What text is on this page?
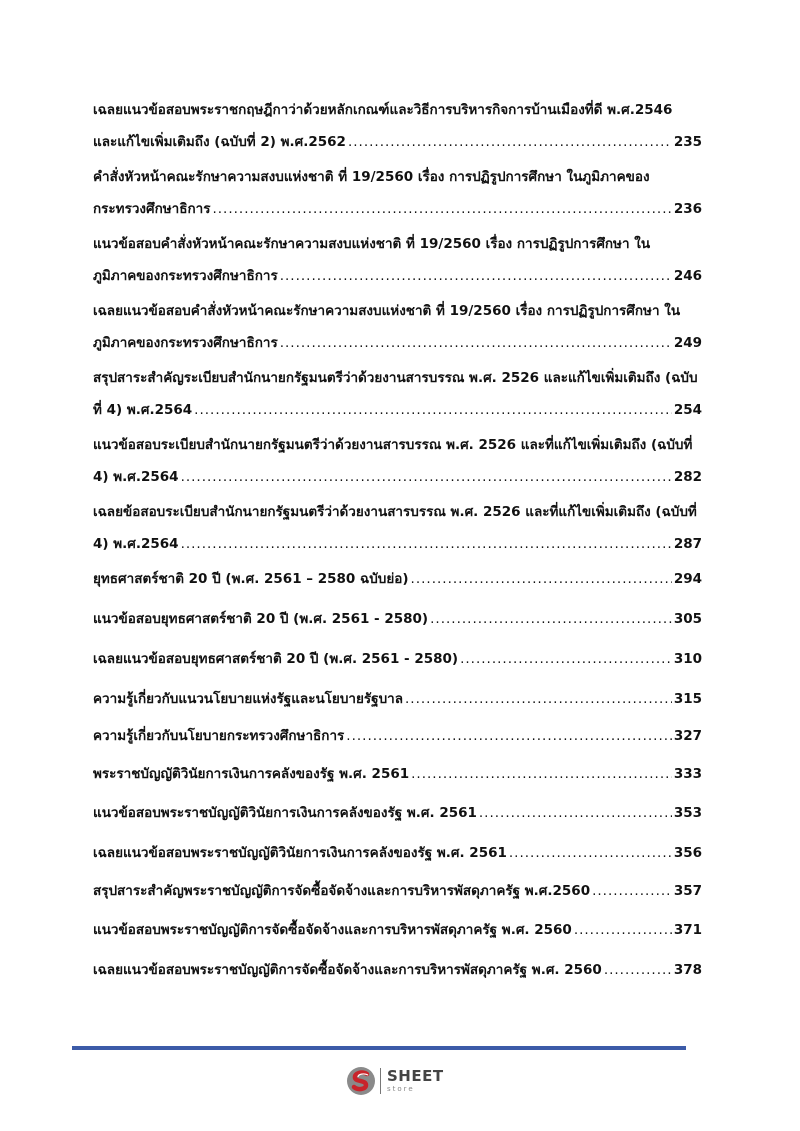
เฉลยแนวข้อสอบพระราชกฤษฎีกาว่าด้วยหลักเกณฑ์และวิธีการบริหารกิจการบ้านเมืองที่ดี พ.ศ.2546
และแก้ไขเพิ่มเติมถึง (ฉบับที่ 2) พ.ศ.2562 .....	235
คำสั่งหัวหน้าคณะรักษาความสงบแห่งชาติ ที่ 19/2560 เรื่อง การปฏิรูปการศึกษา ในภูมิภาคของ
กระทรวงศึกษาธิการ .....	236
แนวข้อสอบคำสั่งหัวหน้าคณะรักษาความสงบแห่งชาติ ที่ 19/2560 เรื่อง การปฏิรูปการศึกษา ใน
ภูมิภาคของกระทรวงศึกษาธิการ .....	246
เฉลยแนวข้อสอบคำสั่งหัวหน้าคณะรักษาความสงบแห่งชาติ ที่ 19/2560 เรื่อง การปฏิรูปการศึกษา ใน
ภูมิภาคของกระทรวงศึกษาธิการ .....	249
สรุปสาระสำคัญระเบียบสำนักนายกรัฐมนตรีว่าด้วยงานสารบรรณ พ.ศ. 2526 และแก้ไขเพิ่มเติมถึง (ฉบับ
ที่ 4) พ.ศ.2564 .....	254
แนวข้อสอบระเบียบสำนักนายกรัฐมนตรีว่าด้วยงานสารบรรณ พ.ศ. 2526 และที่แก้ไขเพิ่มเติมถึง (ฉบับที่
4) พ.ศ.2564 .....	282
เฉลยข้อสอบระเบียบสำนักนายกรัฐมนตรีว่าด้วยงานสารบรรณ พ.ศ. 2526 และที่แก้ไขเพิ่มเติมถึง (ฉบับที่
4) พ.ศ.2564 .....	287
ยุทธศาสตร์ชาติ 20 ปี (พ.ศ. 2561 – 2580 ฉบับย่อ) .....	294
แนวข้อสอบยุทธศาสตร์ชาติ 20 ปี (พ.ศ. 2561 - 2580) .....	305
เฉลยแนวข้อสอบยุทธศาสตร์ชาติ 20 ปี (พ.ศ. 2561 - 2580) .....	310
ความรู้เกี่ยวกับแนวนโยบายแห่งรัฐและนโยบายรัฐบาล .....	315
ความรู้เกี่ยวกับนโยบายกระทรวงศึกษาธิการ .....	327
พระราชบัญญัติวินัยการเงินการคลังของรัฐ พ.ศ. 2561 .....	333
แนวข้อสอบพระราชบัญญัติวินัยการเงินการคลังของรัฐ พ.ศ. 2561 .....	353
เฉลยแนวข้อสอบพระราชบัญญัติวินัยการเงินการคลังของรัฐ พ.ศ. 2561 .....	356
สรุปสาระสำคัญพระราชบัญญัติการจัดซื้อจัดจ้างและการบริหารพัสดุภาครัฐ พ.ศ.2560 .....	357
แนวข้อสอบพระราชบัญญัติการจัดซื้อจัดจ้างและการบริหารพัสดุภาครัฐ พ.ศ. 2560 .....	371
เฉลยแนวข้อสอบพระราชบัญญัติการจัดซื้อจัดจ้างและการบริหารพัสดุภาครัฐ พ.ศ. 2560 .....	378
SHEET
store
